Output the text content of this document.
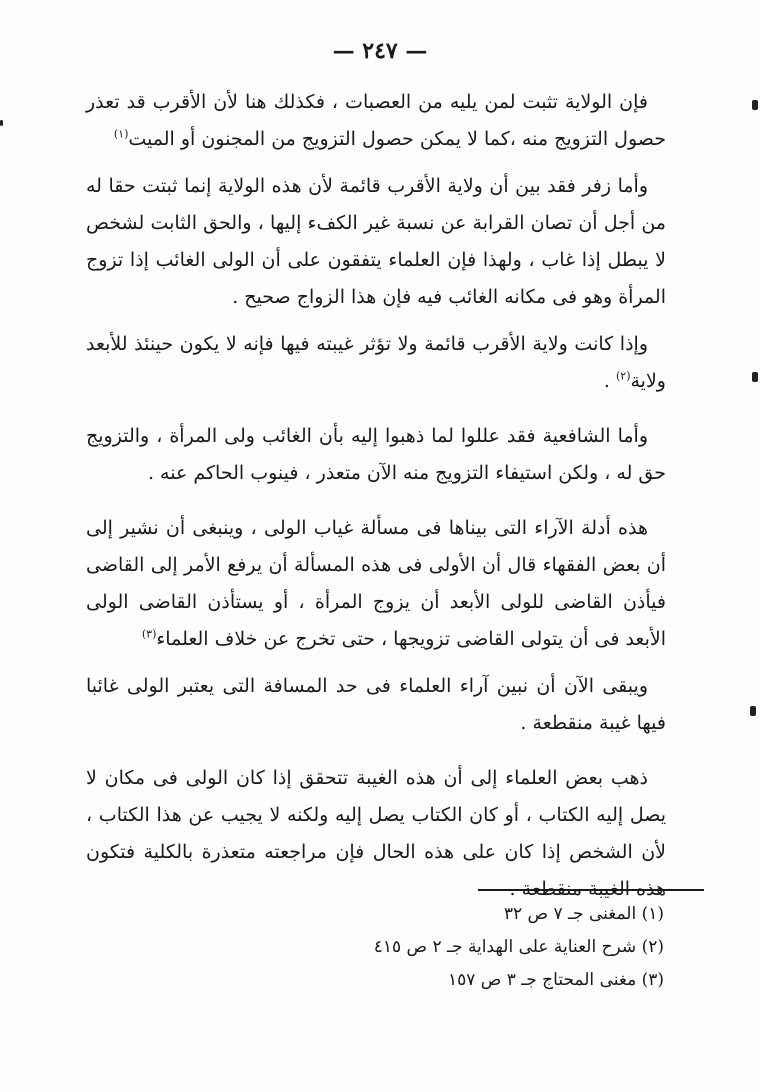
— ٢٤٧ —

فإن الولاية تثبت لمن يليه من العصبات ، فكذلك هنا لأن الأقرب قد تعذر حصول التزويج منه ،كما لا يمكن حصول التزويج من المجنون أو الميت$^{(١)}$

وأما زفر فقد بين أن ولاية الأقرب قائمة لأن هذه الولاية إنما ثبتت حقا له من أجل أن تصان القرابة عن نسبة غير الكفء إليها ، والحق الثابت لشخص لا يبطل إذا غاب ، ولهذا فإن العلماء يتفقون على أن الولى الغائب إذا تزوج المرأة وهو فى مكانه الغائب فيه فإن هذا الزواج صحيح .

وإذا كانت ولاية الأقرب قائمة ولا تؤثر غيبته فيها فإنه لا يكون حينئذ للأبعد ولاية$^{(٢)}$ .

وأما الشافعية فقد عللوا لما ذهبوا إليه بأن الغائب ولى المرأة ، والتزويج حق له ، ولكن استيفاء التزويج منه الآن متعذر ، فينوب الحاكم عنه .

هذه أدلة الآراء التى بيناها فى مسألة غياب الولى ، وينبغى أن نشير إلى أن بعض الفقهاء قال أن الأولى فى هذه المسألة أن يرفع الأمر إلى القاضى فيأذن القاضى للولى الأبعد أن يزوج المرأة ، أو يستأذن القاضى الولى الأبعد فى أن يتولى القاضى تزويجها ، حتى تخرج عن خلاف العلماء$^{(٣)}$

ويبقى الآن أن نبين آراء العلماء فى حد المسافة التى يعتبر الولى غائبا فيها غيبة منقطعة .

ذهب بعض العلماء إلى أن هذه الغيبة تتحقق إذا كان الولى فى مكان لا يصل إليه الكتاب ، أو كان الكتاب يصل إليه ولكنه لا يجيب عن هذا الكتاب ، لأن الشخص إذا كان على هذه الحال فإن مراجعته متعذرة بالكلية فتكون هذه الغيبة منقطعة .

(١) المغنى جـ ٧ ص ٣٢
(٢) شرح العناية على الهداية جـ ٢ ص ٤١٥
(٣) مغنى المحتاج جـ ٣ ص ١٥٧
